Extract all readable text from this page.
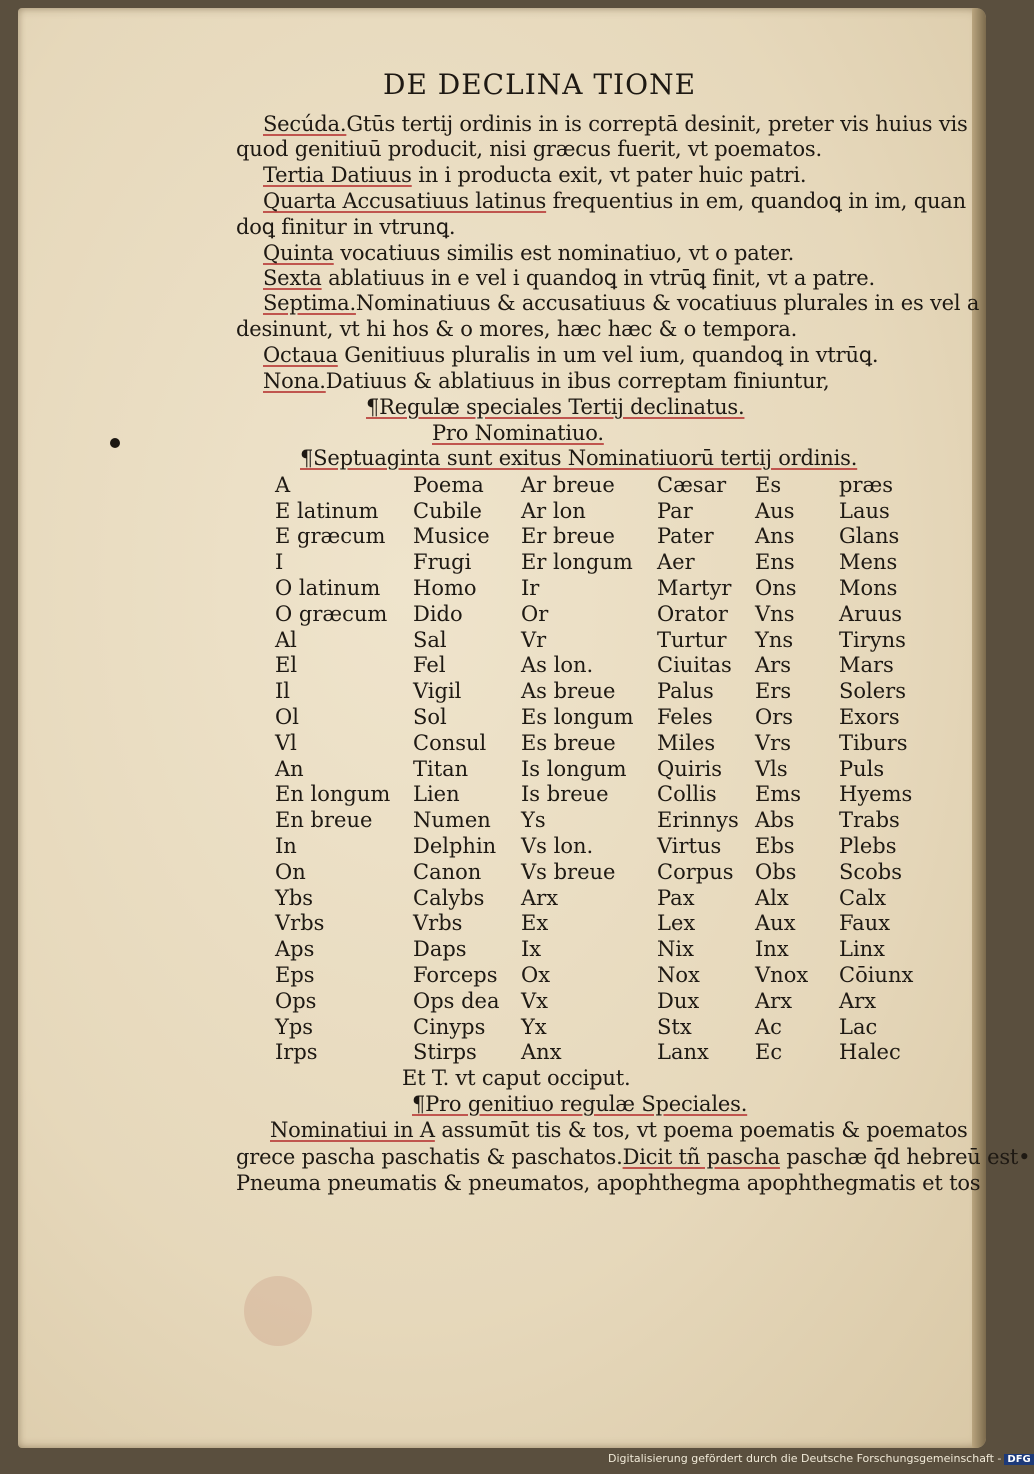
DE DECLINA TIONE
Secúda.Gtūs tertij ordinis in is correptā desinit, preter vis huius vis
quod genitiuū producit, nisi græcus fuerit, vt poematos.
Tertia Datiuus in i producta exit, vt pater huic patri.
Quarta Accusatiuus latinus frequentius in em, quandoꝗ in im, quan
doꝗ finitur in vtrunꝗ.
Quinta vocatiuus similis est nominatiuo, vt o pater.
Sexta ablatiuus in e vel i quandoꝗ in vtrūꝗ finit, vt a patre.
Septima.Nominatiuus & accusatiuus & vocatiuus plurales in es vel a
desinunt, vt hi hos & o mores, hæc hæc & o tempora.
Octaua Genitiuus pluralis in um vel ium, quandoꝗ in vtrūꝗ.
Nona.Datiuus & ablatiuus in ibus correptam finiuntur,
¶Regulæ speciales Tertij declinatus.
Pro Nominatiuo.
¶Septuaginta sunt exitus Nominatiuorū tertij ordinis.
A	Poema	Ar breue	Cæsar	Es	præs
E latinum	Cubile	Ar lon	Par	Aus	Laus
E græcum	Musice	Er breue	Pater	Ans	Glans
I	Frugi	Er longum	Aer	Ens	Mens
O latinum	Homo	Ir	Martyr	Ons	Mons
O græcum	Dido	Or	Orator	Vns	Aruus
Al	Sal	Vr	Turtur	Yns	Tiryns
El	Fel	As lon.	Ciuitas	Ars	Mars
Il	Vigil	As breue	Palus	Ers	Solers
Ol	Sol	Es longum	Feles	Ors	Exors
Vl	Consul	Es breue	Miles	Vrs	Tiburs
An	Titan	Is longum	Quiris	Vls	Puls
En longum	Lien	Is breue	Collis	Ems	Hyems
En breue	Numen	Ys	Erinnys	Abs	Trabs
In	Delphin	Vs lon.	Virtus	Ebs	Plebs
On	Canon	Vs breue	Corpus	Obs	Scobs
Ybs	Calybs	Arx	Pax	Alx	Calx
Vrbs	Vrbs	Ex	Lex	Aux	Faux
Aps	Daps	Ix	Nix	Inx	Linx
Eps	Forceps	Ox	Nox	Vnox	Cōiunx
Ops	Ops dea	Vx	Dux	Arx	Arx
Yps	Cinyps	Yx	Stx	Ac	Lac
Irps	Stirps	Anx	Lanx	Ec	Halec
Et T. vt caput occiput.
¶Pro genitiuo regulæ Speciales.
Nominatiui in A assumūt tis & tos, vt poema poematis & poematos
grece pascha paschatis & paschatos.Dicit tñ pascha paschæ q̄d hebreū est•
Pneuma pneumatis & pneumatos, apophthegma apophthegmatis et tos
Digitalisierung gefördert durch die Deutsche Forschungsgemeinschaft - DFG
